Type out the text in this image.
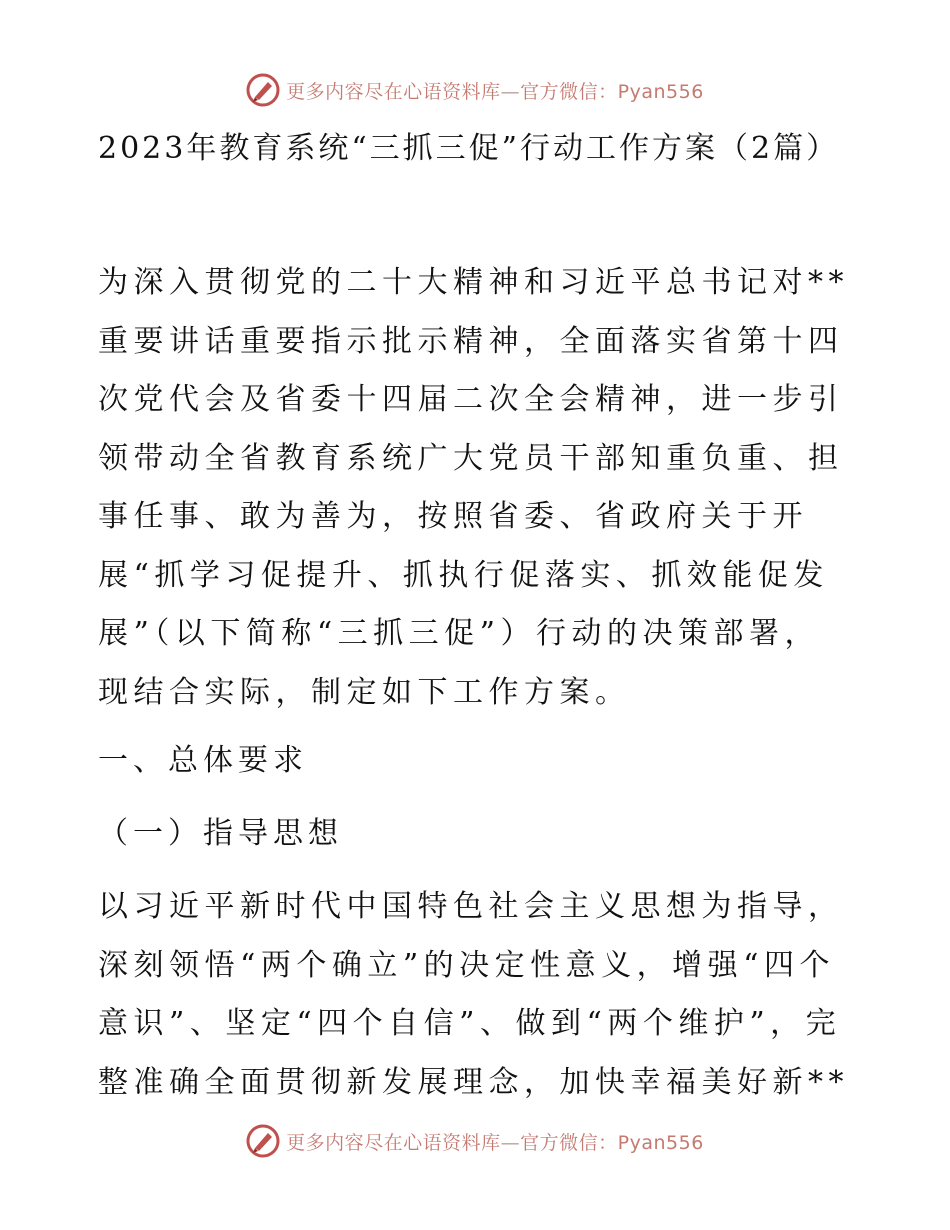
更多内容尽在心语资料库—官方微信：Pyan556
2023年教育系统“三抓三促”行动工作方案（2篇）

为深入贯彻党的二十大精神和习近平总书记对**重要讲话重要指示批示精神，全面落实省第十四次党代会及省委十四届二次全会精神，进一步引领带动全省教育系统广大党员干部知重负重、担事任事、敢为善为，按照省委、省政府关于开展“抓学习促提升、抓执行促落实、抓效能促发展”（以下简称“三抓三促”）行动的决策部署，现结合实际，制定如下工作方案。

一、总体要求

（一）指导思想

以习近平新时代中国特色社会主义思想为指导，深刻领悟“两个确立”的决定性意义，增强“四个意识”、坚定“四个自信”、做到“两个维护”，完整准确全面贯彻新发展理念，加快幸福美好新**

更多内容尽在心语资料库—官方微信：Pyan556
